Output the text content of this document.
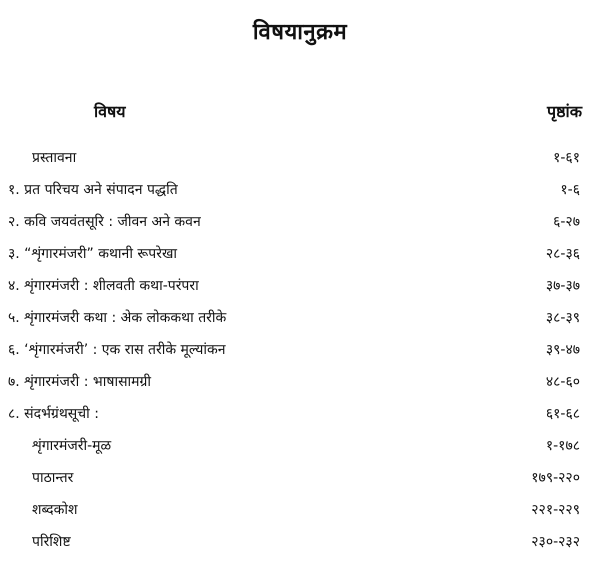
विषयानुक्रम
विषय	पृष्ठांक
प्रस्तावना	१-६१
१. प्रत परिचय अने संपादन पद्धति	१-६
२. कवि जयवंतसूरि : जीवन अने कवन	६-२७
३. “शृंगारमंजरी” कथानी रूपरेखा	२८-३६
४. शृंगारमंजरी : शीलवती कथा-परंपरा	३७-३७
५. शृंगारमंजरी कथा : अेक लोककथा तरीके	३८-३९
६. ‘शृंगारमंजरी’ : एक रास तरीके मूल्यांकन	३९-४७
७. शृंगारमंजरी : भाषासामग्री	४८-६०
८. संदर्भग्रंथसूची :	६१-६८
शृंगारमंजरी-मूळ	१-१७८
पाठान्तर	१७९-२२०
शब्दकोश	२२१-२२९
परिशिष्ट	२३०-२३२
